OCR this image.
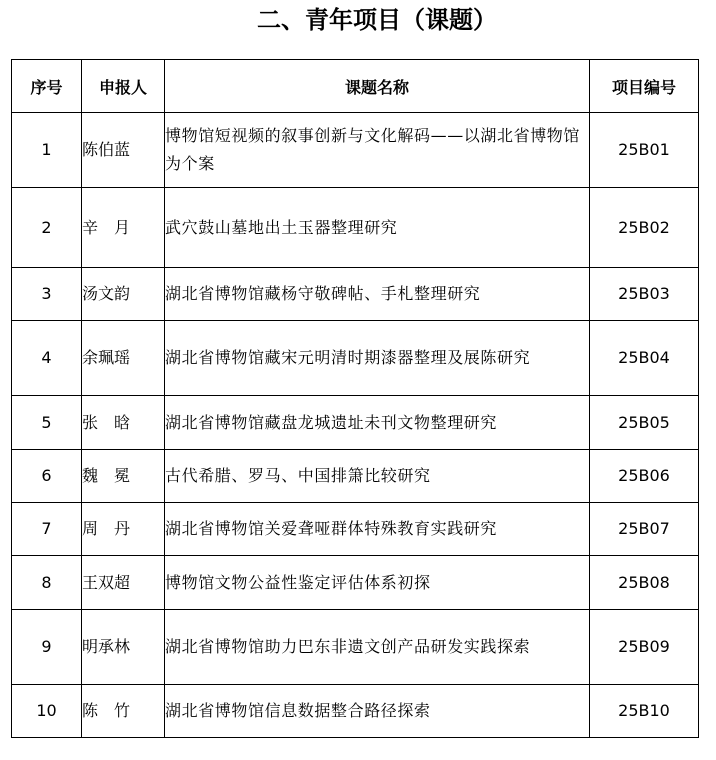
二、青年项目（课题）
序号	申报人	课题名称	项目编号
1	陈伯蓝	博物馆短视频的叙事创新与文化解码——以湖北省博物馆为个案	25B01
2	辛　月	武穴鼓山墓地出土玉器整理研究	25B02
3	汤文韵	湖北省博物馆藏杨守敬碑帖、手札整理研究	25B03
4	余珮瑶	湖北省博物馆藏宋元明清时期漆器整理及展陈研究	25B04
5	张　晗	湖北省博物馆藏盘龙城遗址未刊文物整理研究	25B05
6	魏　冕	古代希腊、罗马、中国排箫比较研究	25B06
7	周　丹	湖北省博物馆关爱聋哑群体特殊教育实践研究	25B07
8	王双超	博物馆文物公益性鉴定评估体系初探	25B08
9	明承林	湖北省博物馆助力巴东非遗文创产品研发实践探索	25B09
10	陈　竹	湖北省博物馆信息数据整合路径探索	25B10
